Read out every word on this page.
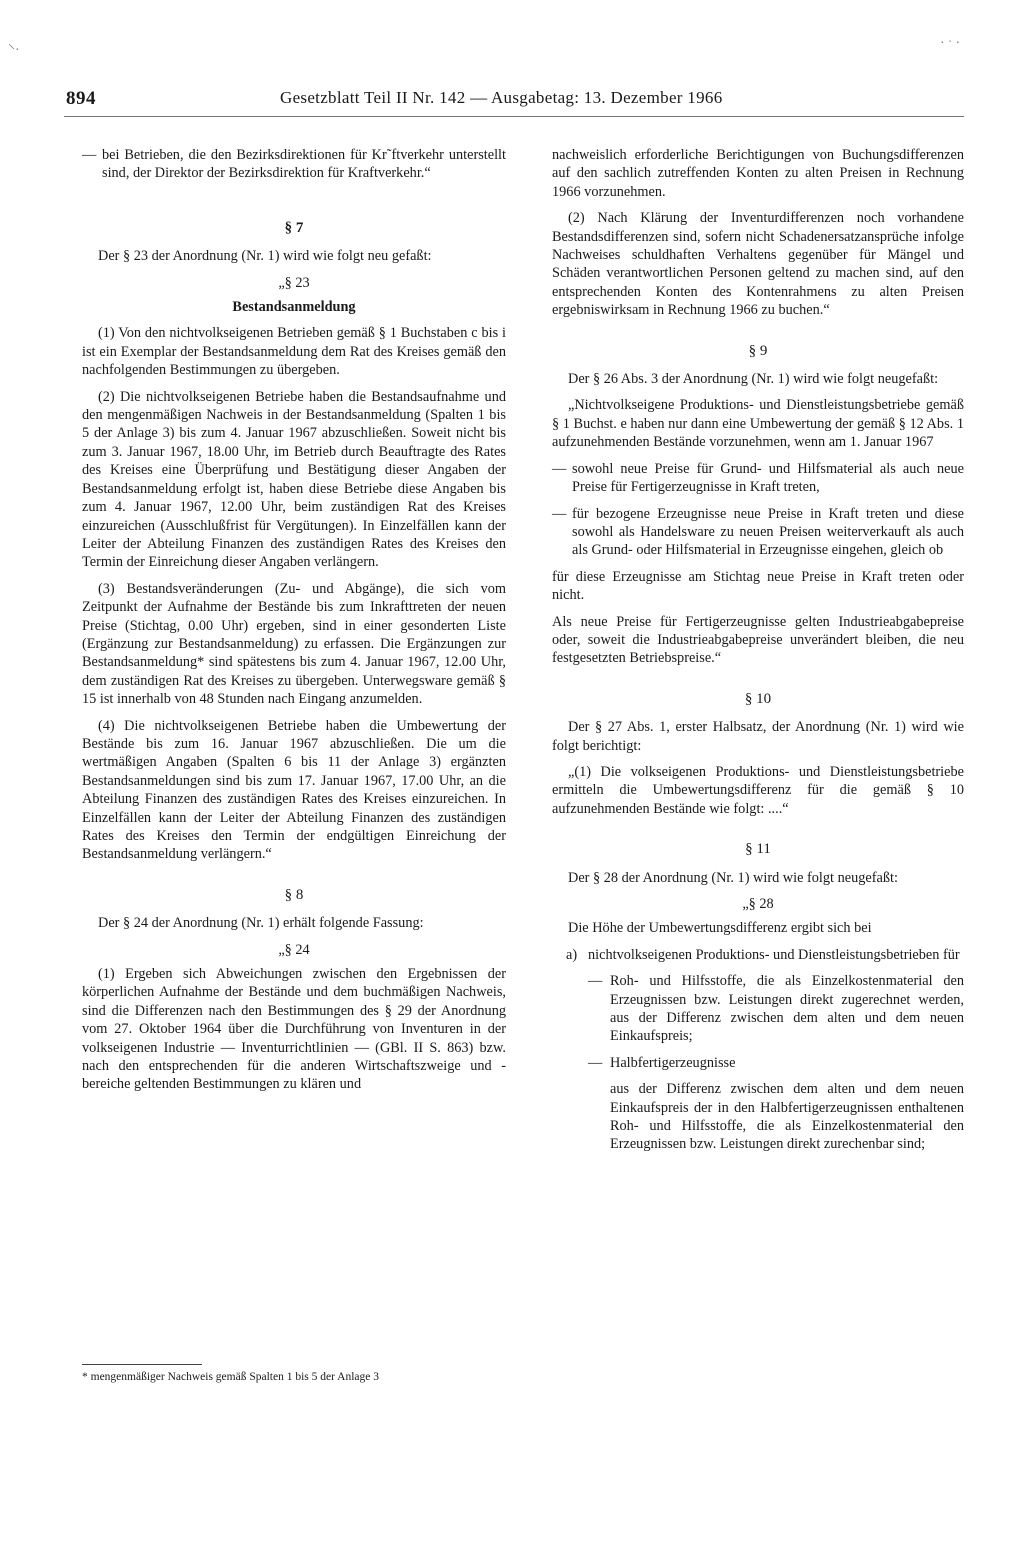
894	Gesetzblatt Teil II Nr. 142 — Ausgabetag: 13. Dezember 1966
⸌·	· ˑ ·
— bei Betrieben, die den Bezirksdirektionen für Kr˜ftverkehr unterstellt sind, der Direktor der Bezirksdirektion für Kraftverkehr.“
§ 7

Der § 23 der Anordnung (Nr. 1) wird wie folgt neu gefaßt:

„§ 23
Bestandsanmeldung

(1) Von den nichtvolkseigenen Betrieben gemäß § 1 Buchstaben c bis i ist ein Exemplar der Bestandsanmeldung dem Rat des Kreises gemäß den nachfolgenden Bestimmungen zu übergeben.

(2) Die nichtvolkseigenen Betriebe haben die Bestandsaufnahme und den mengenmäßigen Nachweis in der Bestandsanmeldung (Spalten 1 bis 5 der Anlage 3) bis zum 4. Januar 1967 abzuschließen. Soweit nicht bis zum 3. Januar 1967, 18.00 Uhr, im Betrieb durch Beauftragte des Rates des Kreises eine Überprüfung und Bestätigung dieser Angaben der Bestandsanmeldung erfolgt ist, haben diese Betriebe diese Angaben bis zum 4. Januar 1967, 12.00 Uhr, beim zuständigen Rat des Kreises einzureichen (Ausschlußfrist für Vergütungen). In Einzelfällen kann der Leiter der Abteilung Finanzen des zuständigen Rates des Kreises den Termin der Einreichung dieser Angaben verlängern.

(3) Bestandsveränderungen (Zu- und Abgänge), die sich vom Zeitpunkt der Aufnahme der Bestände bis zum Inkrafttreten der neuen Preise (Stichtag, 0.00 Uhr) ergeben, sind in einer gesonderten Liste (Ergänzung zur Bestandsanmeldung) zu erfassen. Die Ergänzungen zur Bestandsanmeldung* sind spätestens bis zum 4. Januar 1967, 12.00 Uhr, dem zuständigen Rat des Kreises zu übergeben. Unterwegsware gemäß § 15 ist innerhalb von 48 Stunden nach Eingang anzumelden.

(4) Die nichtvolkseigenen Betriebe haben die Umbewertung der Bestände bis zum 16. Januar 1967 abzuschließen. Die um die wertmäßigen Angaben (Spalten 6 bis 11 der Anlage 3) ergänzten Bestandsanmeldungen sind bis zum 17. Januar 1967, 17.00 Uhr, an die Abteilung Finanzen des zuständigen Rates des Kreises einzureichen. In Einzelfällen kann der Leiter der Abteilung Finanzen des zuständigen Rates des Kreises den Termin der endgültigen Einreichung der Bestandsanmeldung verlängern.“

§ 8

Der § 24 der Anordnung (Nr. 1) erhält folgende Fassung:

„§ 24

(1) Ergeben sich Abweichungen zwischen den Ergebnissen der körperlichen Aufnahme der Bestände und dem buchmäßigen Nachweis, sind die Differenzen nach den Bestimmungen des § 29 der Anordnung vom 27. Oktober 1964 über die Durchführung von Inventuren in der volkseigenen Industrie — Inventurrichtlinien — (GBl. II S. 863) bzw. nach den entsprechenden für die anderen Wirtschaftszweige und -bereiche geltenden Bestimmungen zu klären und

* mengenmäßiger Nachweis gemäß Spalten 1 bis 5 der Anlage 3

nachweislich erforderliche Berichtigungen von Buchungsdifferenzen auf den sachlich zutreffenden Konten zu alten Preisen in Rechnung 1966 vorzunehmen.

(2) Nach Klärung der Inventurdifferenzen noch vorhandene Bestandsdifferenzen sind, sofern nicht Schadenersatzansprüche infolge Nachweises schuldhaften Verhaltens gegenüber für Mängel und Schäden verantwortlichen Personen geltend zu machen sind, auf den entsprechenden Konten des Kontenrahmens zu alten Preisen ergebniswirksam in Rechnung 1966 zu buchen.“

§ 9

Der § 26 Abs. 3 der Anordnung (Nr. 1) wird wie folgt neugefaßt:

„Nichtvolkseigene Produktions- und Dienstleistungsbetriebe gemäß § 1 Buchst. e haben nur dann eine Umbewertung der gemäß § 12 Abs. 1 aufzunehmenden Bestände vorzunehmen, wenn am 1. Januar 1967

— sowohl neue Preise für Grund- und Hilfsmaterial als auch neue Preise für Fertigerzeugnisse in Kraft treten,
— für bezogene Erzeugnisse neue Preise in Kraft treten und diese sowohl als Handelsware zu neuen Preisen weiterverkauft als auch als Grund- oder Hilfsmaterial in Erzeugnisse eingehen, gleich ob

für diese Erzeugnisse am Stichtag neue Preise in Kraft treten oder nicht.

Als neue Preise für Fertigerzeugnisse gelten Industrieabgabepreise oder, soweit die Industrieabgabepreise unverändert bleiben, die neu festgesetzten Betriebspreise.“

§ 10

Der § 27 Abs. 1, erster Halbsatz, der Anordnung (Nr. 1) wird wie folgt berichtigt:

„(1) Die volkseigenen Produktions- und Dienstleistungsbetriebe ermitteln die Umbewertungsdifferenz für die gemäß § 10 aufzunehmenden Bestände wie folgt: ....“

§ 11

Der § 28 der Anordnung (Nr. 1) wird wie folgt neugefaßt:

„§ 28

Die Höhe der Umbewertungsdifferenz ergibt sich bei

a) nichtvolkseigenen Produktions- und Dienstleistungsbetrieben für
— Roh- und Hilfsstoffe, die als Einzelkostenmaterial den Erzeugnissen bzw. Leistungen direkt zugerechnet werden, aus der Differenz zwischen dem alten und dem neuen Einkaufspreis;
— Halbfertigerzeugnisse

aus der Differenz zwischen dem alten und dem neuen Einkaufspreis der in den Halbfertigerzeugnissen enthaltenen Roh- und Hilfsstoffe, die als Einzelkostenmaterial den Erzeugnissen bzw. Leistungen direkt zurechenbar sind;
